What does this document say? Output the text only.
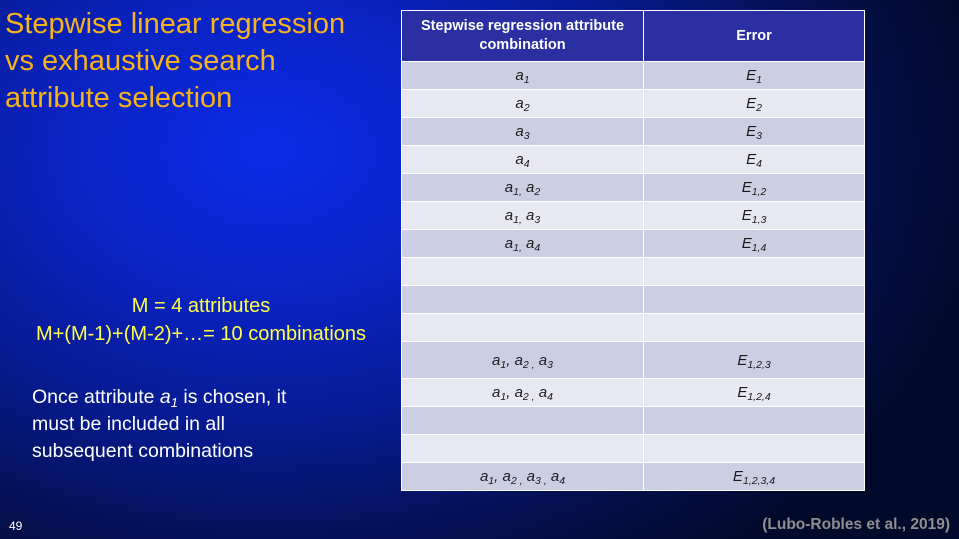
Stepwise linear regression
vs exhaustive search
attribute selection
M = 4 attributes
M+(M-1)+(M-2)+…= 10 combinations
Once attribute $a_1$ is chosen, it
must be included in all
subsequent combinations
Stepwise regression attribute combination	Error
$a_1$	$E_1$
$a_2$	$E_2$
$a_3$	$E_3$
$a_4$	$E_4$
$a_{1,}$ $a_2$	$E_{1,2}$
$a_{1,}$ $a_3$	$E_{1,3}$
$a_{1,}$ $a_4$	$E_{1,4}$

$a_1$, $a_{2 ,}$ $a_3$	$E_{1,2,3}$
$a_1$, $a_{2 ,}$ $a_4$	$E_{1,2,4}$

$a_1$, $a_{2 ,}$ $a_{3 ,}$ $a_4$	$E_{1,2,3,4}$
49	(Lubo-Robles et al., 2019)
